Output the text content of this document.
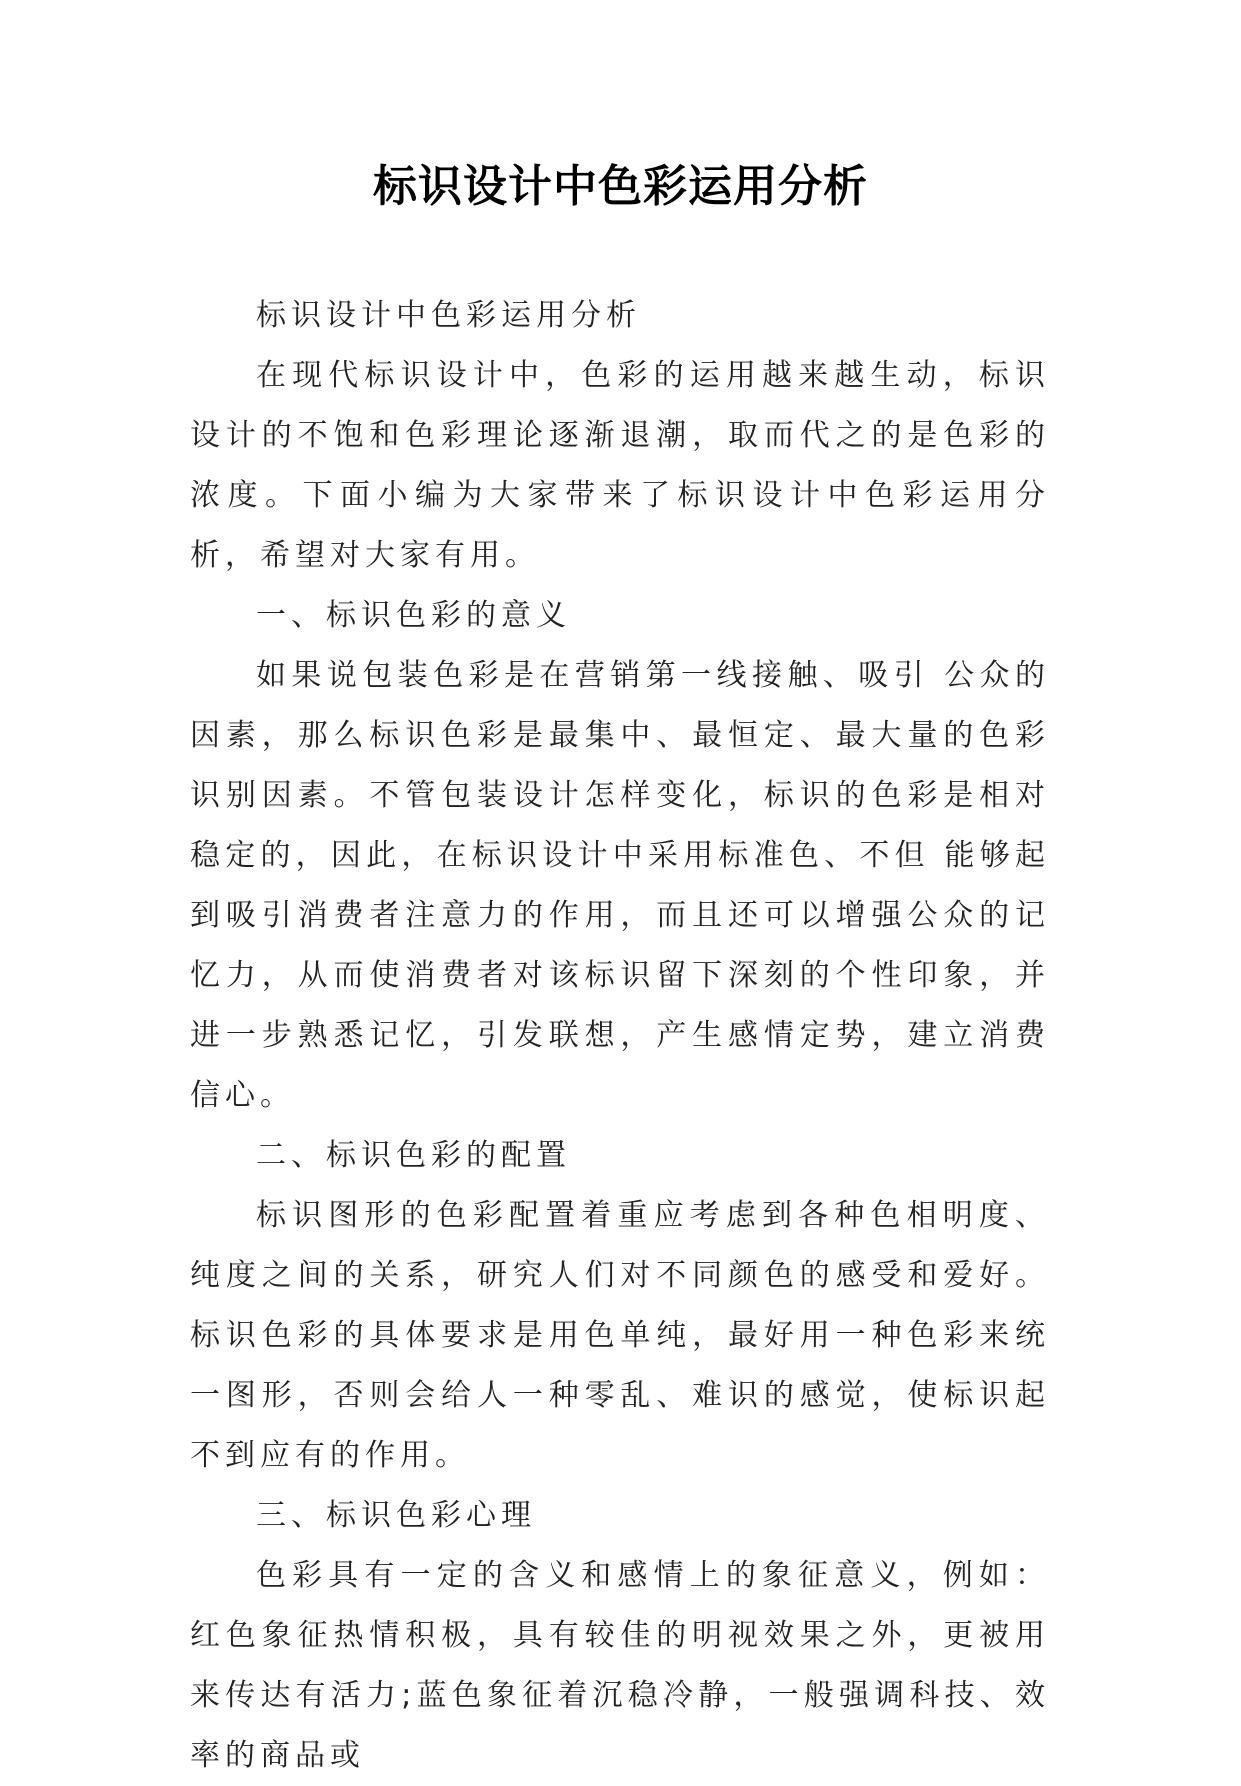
标识设计中色彩运用分析

标识设计中色彩运用分析

在现代标识设计中，色彩的运用越来越生动，标识设计的不饱和色彩理论逐渐退潮，取而代之的是色彩的浓度。下面小编为大家带来了标识设计中色彩运用分析，希望对大家有用。

一、标识色彩的意义

如果说包装色彩是在营销第一线接触、吸引 公众的因素，那么标识色彩是最集中、最恒定、最大量的色彩识别因素。不管包装设计怎样变化，标识的色彩是相对稳定的，因此，在标识设计中采用标准色、不但 能够起到吸引消费者注意力的作用，而且还可以增强公众的记忆力，从而使消费者对该标识留下深刻的个性印象，并进一步熟悉记忆，引发联想，产生感情定势，建立消费信心。

二、标识色彩的配置

标识图形的色彩配置着重应考虑到各种色相明度、纯度之间的关系，研究人们对不同颜色的感受和爱好。标识色彩的具体要求是用色单纯，最好用一种色彩来统一图形，否则会给人一种零乱、难识的感觉，使标识起不到应有的作用。

三、标识色彩心理

色彩具有一定的含义和感情上的象征意义，例如：红色象征热情积极，具有较佳的明视效果之外，更被用来传达有活力;蓝色象征着沉稳冷静，一般强调科技、效 率的商品或
